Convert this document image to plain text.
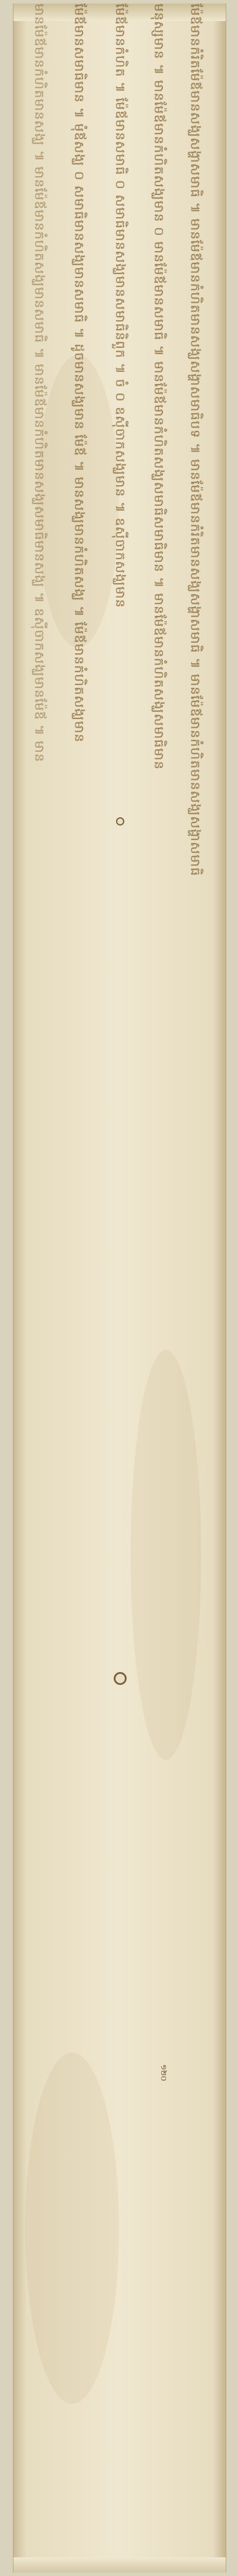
ម៉ែឪមានកំរិតម៉ែឪមានសង្ឃសង្ហាសមាធិ ៕ មានម៉ែឪមានកំហិតមានសង្ឃសង្ហាសមាធិបទ ៕ មានម៉ែឪមានកំរិតមានសង្ឃសង្ហាសមាធិ ៕ មានម៉ែឪមានកំហិតមានសង្ឃសង្ហាសមាធិ
មនុស្សមាន ៕ មានម៉ែឪមានកំហិតសង្ឃមាន ០ មានម៉ែឪមានសមាធិ ៕ មានម៉ែឪមានកំហិតសង្ឃសមាធិសមាធិមាន ៕ មានម៉ែឪមានកំហិតសង្ឃសមាធិមាន
ម៉ែឪមានកំហិត ៕ ម៉ែឪមានសមាធិ ០ សមាធិមានសង្ឃមានសមាធិនិពួក ៕ ចំ ០ ឧស៊ីចាកសង្ឃមាន ៕ ឧស៊ីចាកសង្ឃមាន
ម៉ែឪមានសមាធិមាន ៕ មុំឪសង្ឃ ០ សមាធិមានសង្ឃមានសមាធិ ៕ ដូចមានសង្ឃមាន ម៉ែឪ ៕ មានសង្ឃមានកំហិតសង្ឃ ៕ ម៉ែឪមានកំហិតសង្ឃមាន
មានម៉ែឪមានកំហិតមានសង្ឃ ៕ មានម៉ែឪមានកំហិតសង្ឃមានសមាធិ ៕ មានម៉ែឪមានកំហិតមានសង្ឃសមាធិមានសង្ឃ ៕ ឧស៊ីចាកសង្ឃមានម៉ែឪ ៕ មាន
១២០
